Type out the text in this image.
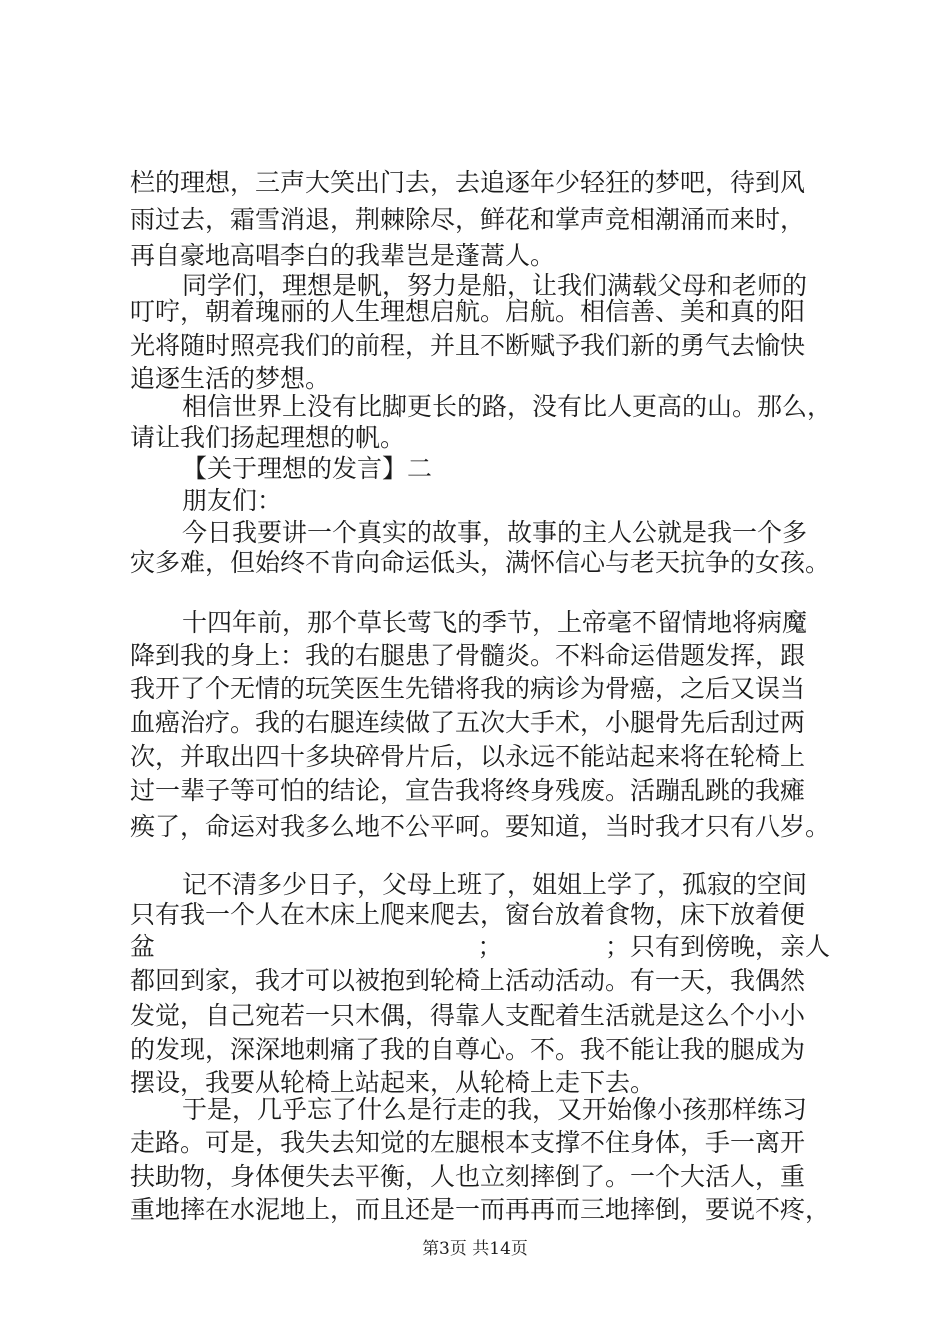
栏的理想，三声大笑出门去，去追逐年少轻狂的梦吧，待到风
雨过去，霜雪消退，荆棘除尽，鲜花和掌声竞相潮涌而来时，
再自豪地高唱李白的我辈岂是蓬蒿人。
同学们，理想是帆，努力是船，让我们满载父母和老师的
叮咛，朝着瑰丽的人生理想启航。启航。相信善、美和真的阳
光将随时照亮我们的前程，并且不断赋予我们新的勇气去愉快
追逐生活的梦想。
相信世界上没有比脚更长的路，没有比人更高的山。那么，
请让我们扬起理想的帆。
【关于理想的发言】二
朋友们：
今日我要讲一个真实的故事，故事的主人公就是我一个多
灾多难，但始终不肯向命运低头，满怀信心与老天抗争的女孩。
十四年前，那个草长莺飞的季节，上帝毫不留情地将病魔
降到我的身上：我的右腿患了骨髓炎。不料命运借题发挥，跟
我开了个无情的玩笑医生先错将我的病诊为骨癌，之后又误当
血癌治疗。我的右腿连续做了五次大手术，小腿骨先后刮过两
次，并取出四十多块碎骨片后，以永远不能站起来将在轮椅上
过一辈子等可怕的结论，宣告我将终身残废。活蹦乱跳的我瘫
痪了，命运对我多么地不公平呵。要知道，当时我才只有八岁。
记不清多少日子，父母上班了，姐姐上学了，孤寂的空间
只有我一个人在木床上爬来爬去，窗台放着食物，床下放着便
盆	；	；只有到傍晚，亲人
都回到家，我才可以被抱到轮椅上活动活动。有一天，我偶然
发觉，自己宛若一只木偶，得靠人支配着生活就是这么个小小
的发现，深深地刺痛了我的自尊心。不。我不能让我的腿成为
摆设，我要从轮椅上站起来，从轮椅上走下去。
于是，几乎忘了什么是行走的我，又开始像小孩那样练习
走路。可是，我失去知觉的左腿根本支撑不住身体，手一离开
扶助物，身体便失去平衡，人也立刻摔倒了。一个大活人，重
重地摔在水泥地上，而且还是一而再再而三地摔倒，要说不疼，
第3页 共14页
